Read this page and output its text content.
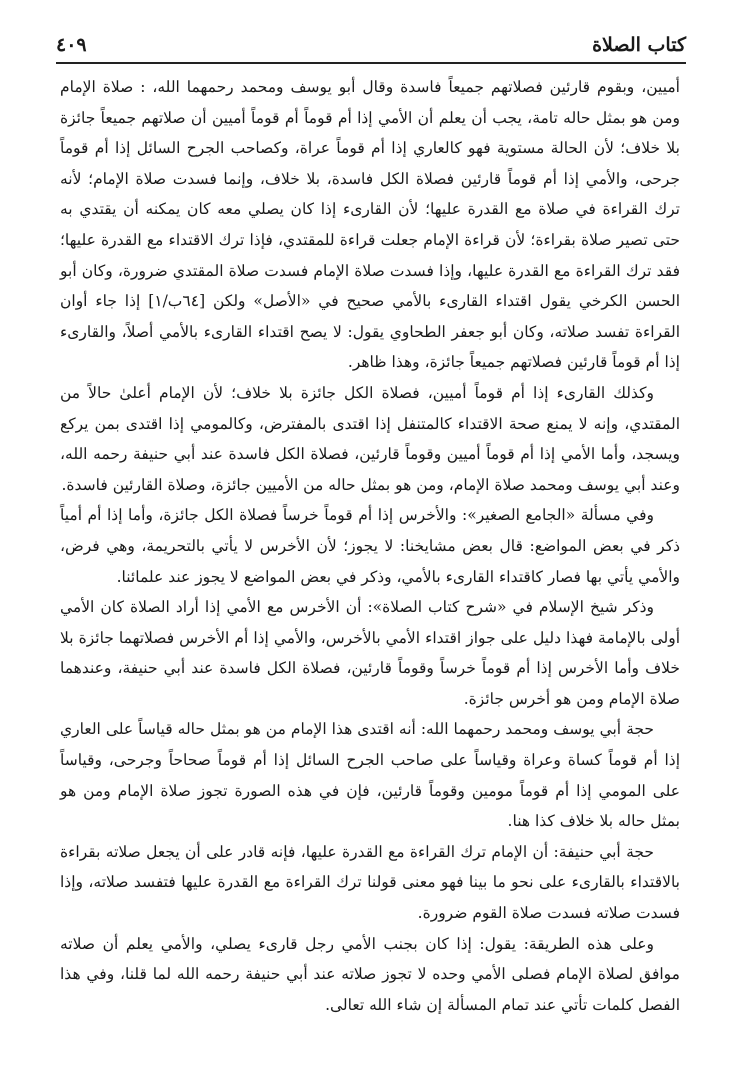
كتاب الصلاة
٤٠٩

أميين، وبقوم قارئين فصلاتهم جميعاً فاسدة وقال أبو يوسف ومحمد رحمهما الله، : صلاة الإمام ومن هو بمثل حاله تامة، يجب أن يعلم أن الأمي إذا أم قوماً أم قوماً أميين أن صلاتهم جميعاً جائزة بلا خلاف؛ لأن الحالة مستوية فهو كالعاري إذا أم قوماً عراة، وكصاحب الجرح السائل إذا أم قوماً جرحى، والأمي إذا أم قوماً قارئين فصلاة الكل فاسدة، بلا خلاف، وإنما فسدت صلاة الإمام؛ لأنه ترك القراءة في صلاة مع القدرة عليها؛ لأن القارىء إذا كان يصلي معه كان يمكنه أن يقتدي به حتى تصير صلاة بقراءة؛ لأن قراءة الإمام جعلت قراءة للمقتدي، فإذا ترك الاقتداء مع القدرة عليها؛ فقد ترك القراءة مع القدرة عليها، وإذا فسدت صلاة الإمام فسدت صلاة المقتدي ضرورة، وكان أبو الحسن الكرخي يقول اقتداء القارىء بالأمي صحيح في «الأصل» ولكن [٦٤ب/١] إذا جاء أوان القراءة تفسد صلاته، وكان أبو جعفر الطحاوي يقول: لا يصح اقتداء القارىء بالأمي أصلاً، والقارىء إذا أم قوماً قارئين فصلاتهم جميعاً جائزة، وهذا ظاهر.

وكذلك القارىء إذا أم قوماً أميين، فصلاة الكل جائزة بلا خلاف؛ لأن الإمام أعلىٰ حالاً من المقتدي، وإنه لا يمنع صحة الاقتداء كالمتنفل إذا اقتدى بالمفترض، وكالمومي إذا اقتدى بمن يركع ويسجد، وأما الأمي إذا أم قوماً أميين وقوماً قارئين، فصلاة الكل فاسدة عند أبي حنيفة رحمه الله، وعند أبي يوسف ومحمد صلاة الإمام، ومن هو بمثل حاله من الأميين جائزة، وصلاة القارئين فاسدة.

وفي مسألة «الجامع الصغير»: والأخرس إذا أم قوماً خرساً فصلاة الكل جائزة، وأما إذا أم أمياً ذكر في بعض المواضع: قال بعض مشايخنا: لا يجوز؛ لأن الأخرس لا يأتي بالتحريمة، وهي فرض، والأمي يأتي بها فصار كاقتداء القارىء بالأمي، وذكر في بعض المواضع لا يجوز عند علمائنا.

وذكر شيخ الإسلام في «شرح كتاب الصلاة»: أن الأخرس مع الأمي إذا أراد الصلاة كان الأمي أولى بالإمامة فهذا دليل على جواز اقتداء الأمي بالأخرس، والأمي إذا أم الأخرس فصلاتهما جائزة بلا خلاف وأما الأخرس إذا أم قوماً خرساً وقوماً قارئين، فصلاة الكل فاسدة عند أبي حنيفة، وعندهما صلاة الإمام ومن هو أخرس جائزة.

حجة أبي يوسف ومحمد رحمهما الله: أنه اقتدى هذا الإمام من هو بمثل حاله قياساً على العاري إذا أم قوماً كساة وعراة وقياساً على صاحب الجرح السائل إذا أم قوماً صحاحاً وجرحى، وقياساً على المومي إذا أم قوماً مومين وقوماً قارئين، فإن في هذه الصورة تجوز صلاة الإمام ومن هو بمثل حاله بلا خلاف كذا هنا.

حجة أبي حنيفة: أن الإمام ترك القراءة مع القدرة عليها، فإنه قادر على أن يجعل صلاته بقراءة بالاقتداء بالقارىء على نحو ما بينا فهو معنى قولنا ترك القراءة مع القدرة عليها فتفسد صلاته، وإذا فسدت صلاته فسدت صلاة القوم ضرورة.

وعلى هذه الطريقة: يقول: إذا كان بجنب الأمي رجل قارىء يصلي، والأمي يعلم أن صلاته موافق لصلاة الإمام فصلى الأمي وحده لا تجوز صلاته عند أبي حنيفة رحمه الله لما قلنا، وفي هذا الفصل كلمات تأتي عند تمام المسألة إن شاء الله تعالى.
